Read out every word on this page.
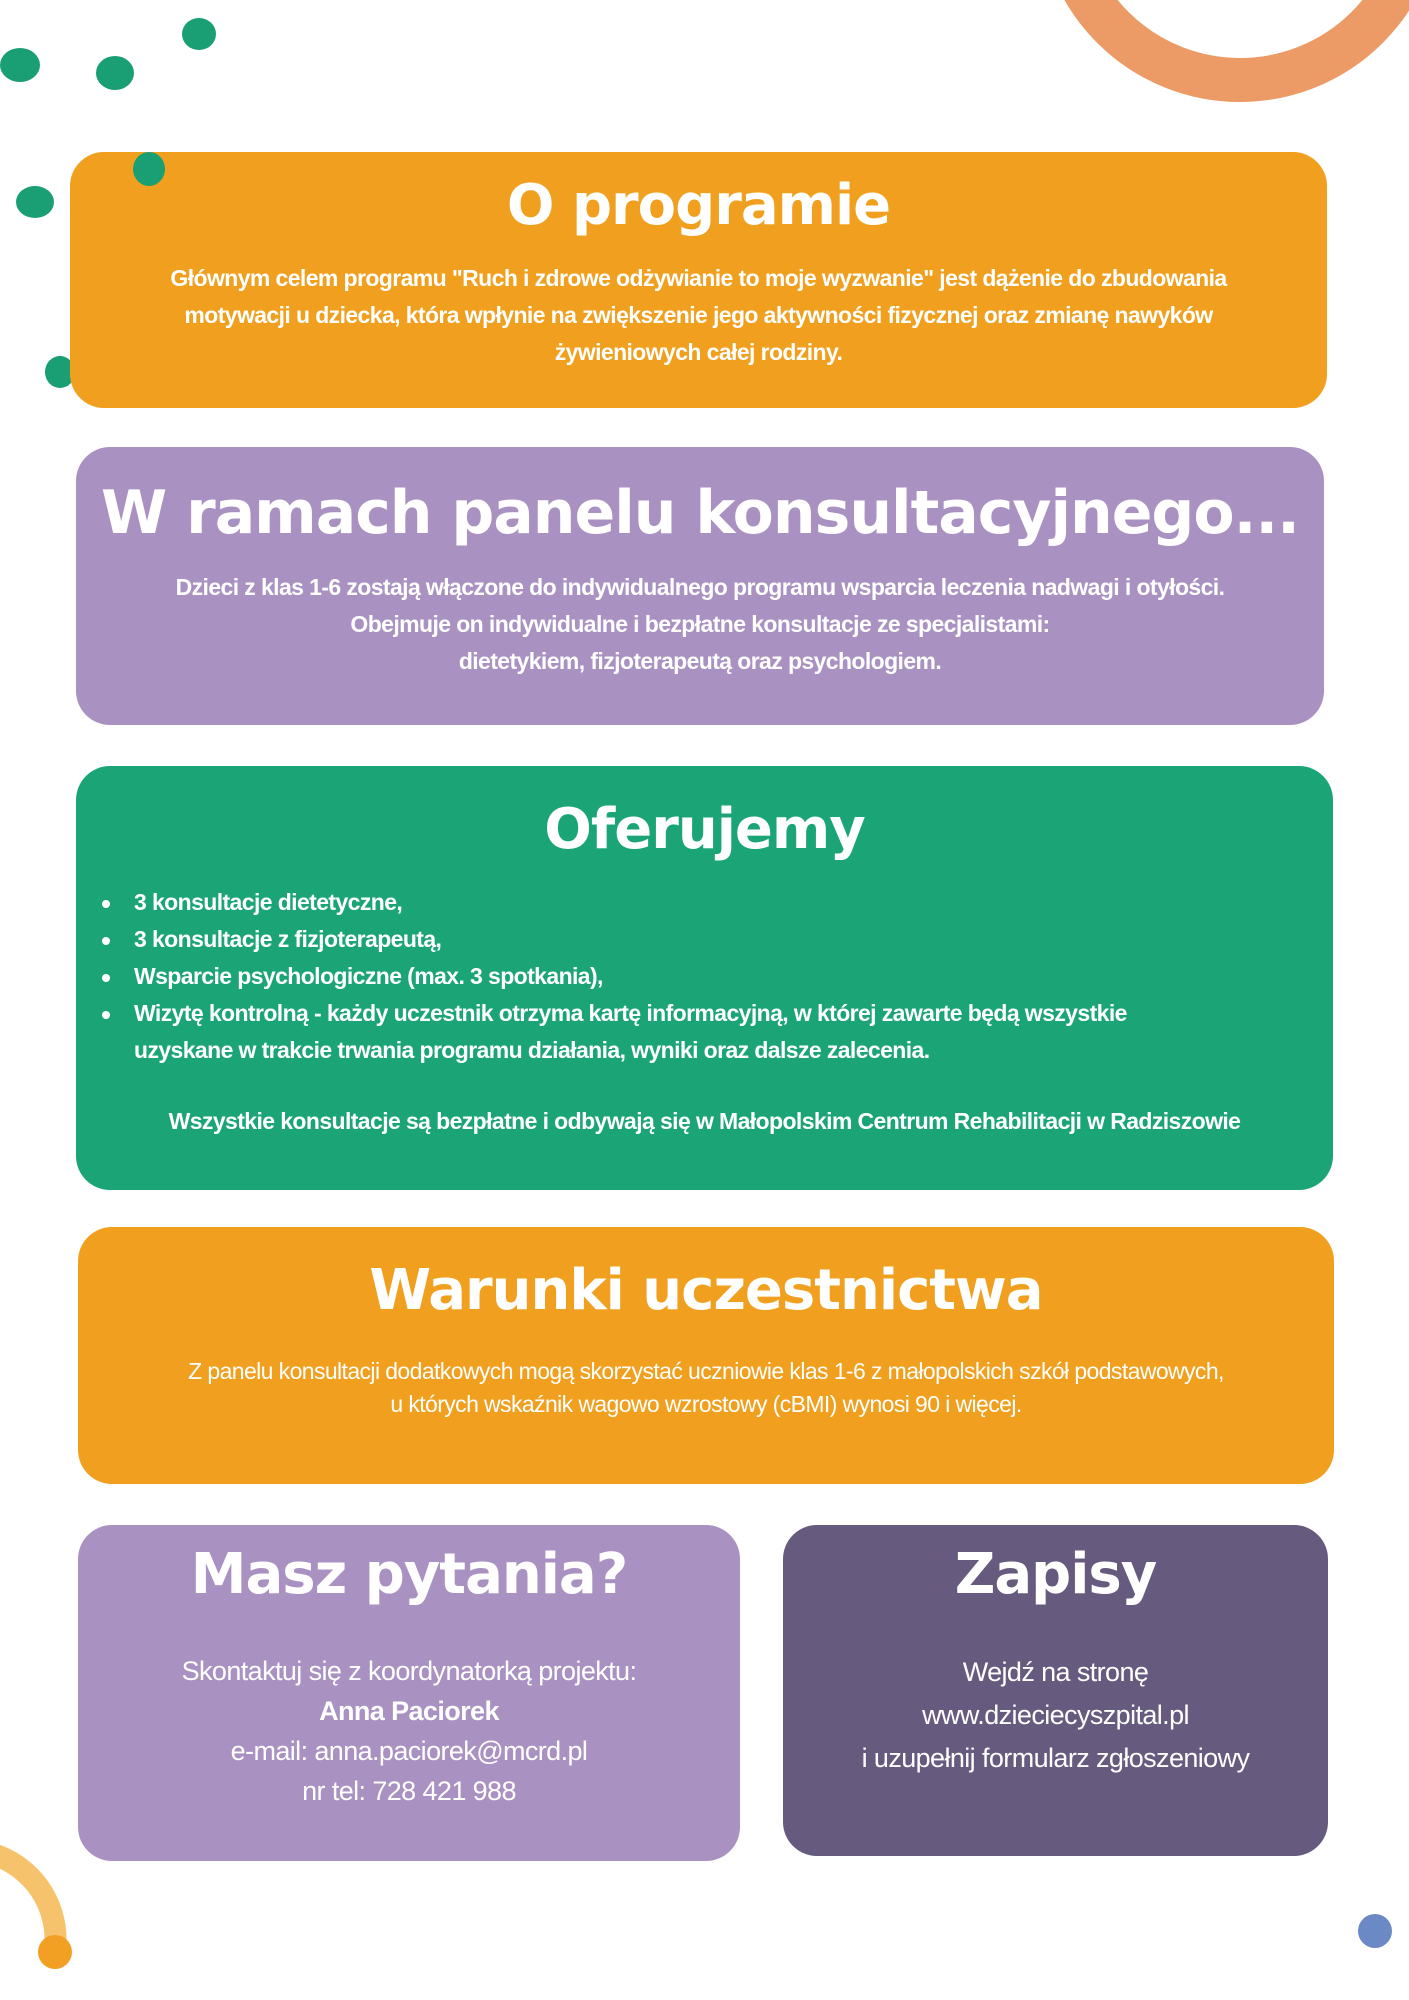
O programie
Głównym celem programu "Ruch i zdrowe odżywianie to moje wyzwanie" jest dążenie do zbudowania
motywacji u dziecka, która wpłynie na zwiększenie jego aktywności fizycznej oraz zmianę nawyków
żywieniowych całej rodziny.
W ramach panelu konsultacyjnego...
Dzieci z klas 1-6 zostają włączone do indywidualnego programu wsparcia leczenia nadwagi i otyłości.
Obejmuje on indywidualne i bezpłatne konsultacje ze specjalistami:
dietetykiem, fizjoterapeutą oraz psychologiem.
Oferujemy
3 konsultacje dietetyczne,
3 konsultacje z fizjoterapeutą,
Wsparcie psychologiczne (max. 3 spotkania),
Wizytę kontrolną - każdy uczestnik otrzyma kartę informacyjną, w której zawarte będą wszystkie
uzyskane w trakcie trwania programu działania, wyniki oraz dalsze zalecenia.
Wszystkie konsultacje są bezpłatne i odbywają się w Małopolskim Centrum Rehabilitacji w Radziszowie
Warunki uczestnictwa
Z panelu konsultacji dodatkowych mogą skorzystać uczniowie klas 1-6 z małopolskich szkół podstawowych,
u których wskaźnik wagowo wzrostowy (cBMI) wynosi 90 i więcej.
Masz pytania?
Skontaktuj się z koordynatorką projektu:
Anna Paciorek
e-mail: anna.paciorek@mcrd.pl
nr tel: 728 421 988
Zapisy
Wejdź na stronę
www.dzieciecyszpital.pl
i uzupełnij formularz zgłoszeniowy
